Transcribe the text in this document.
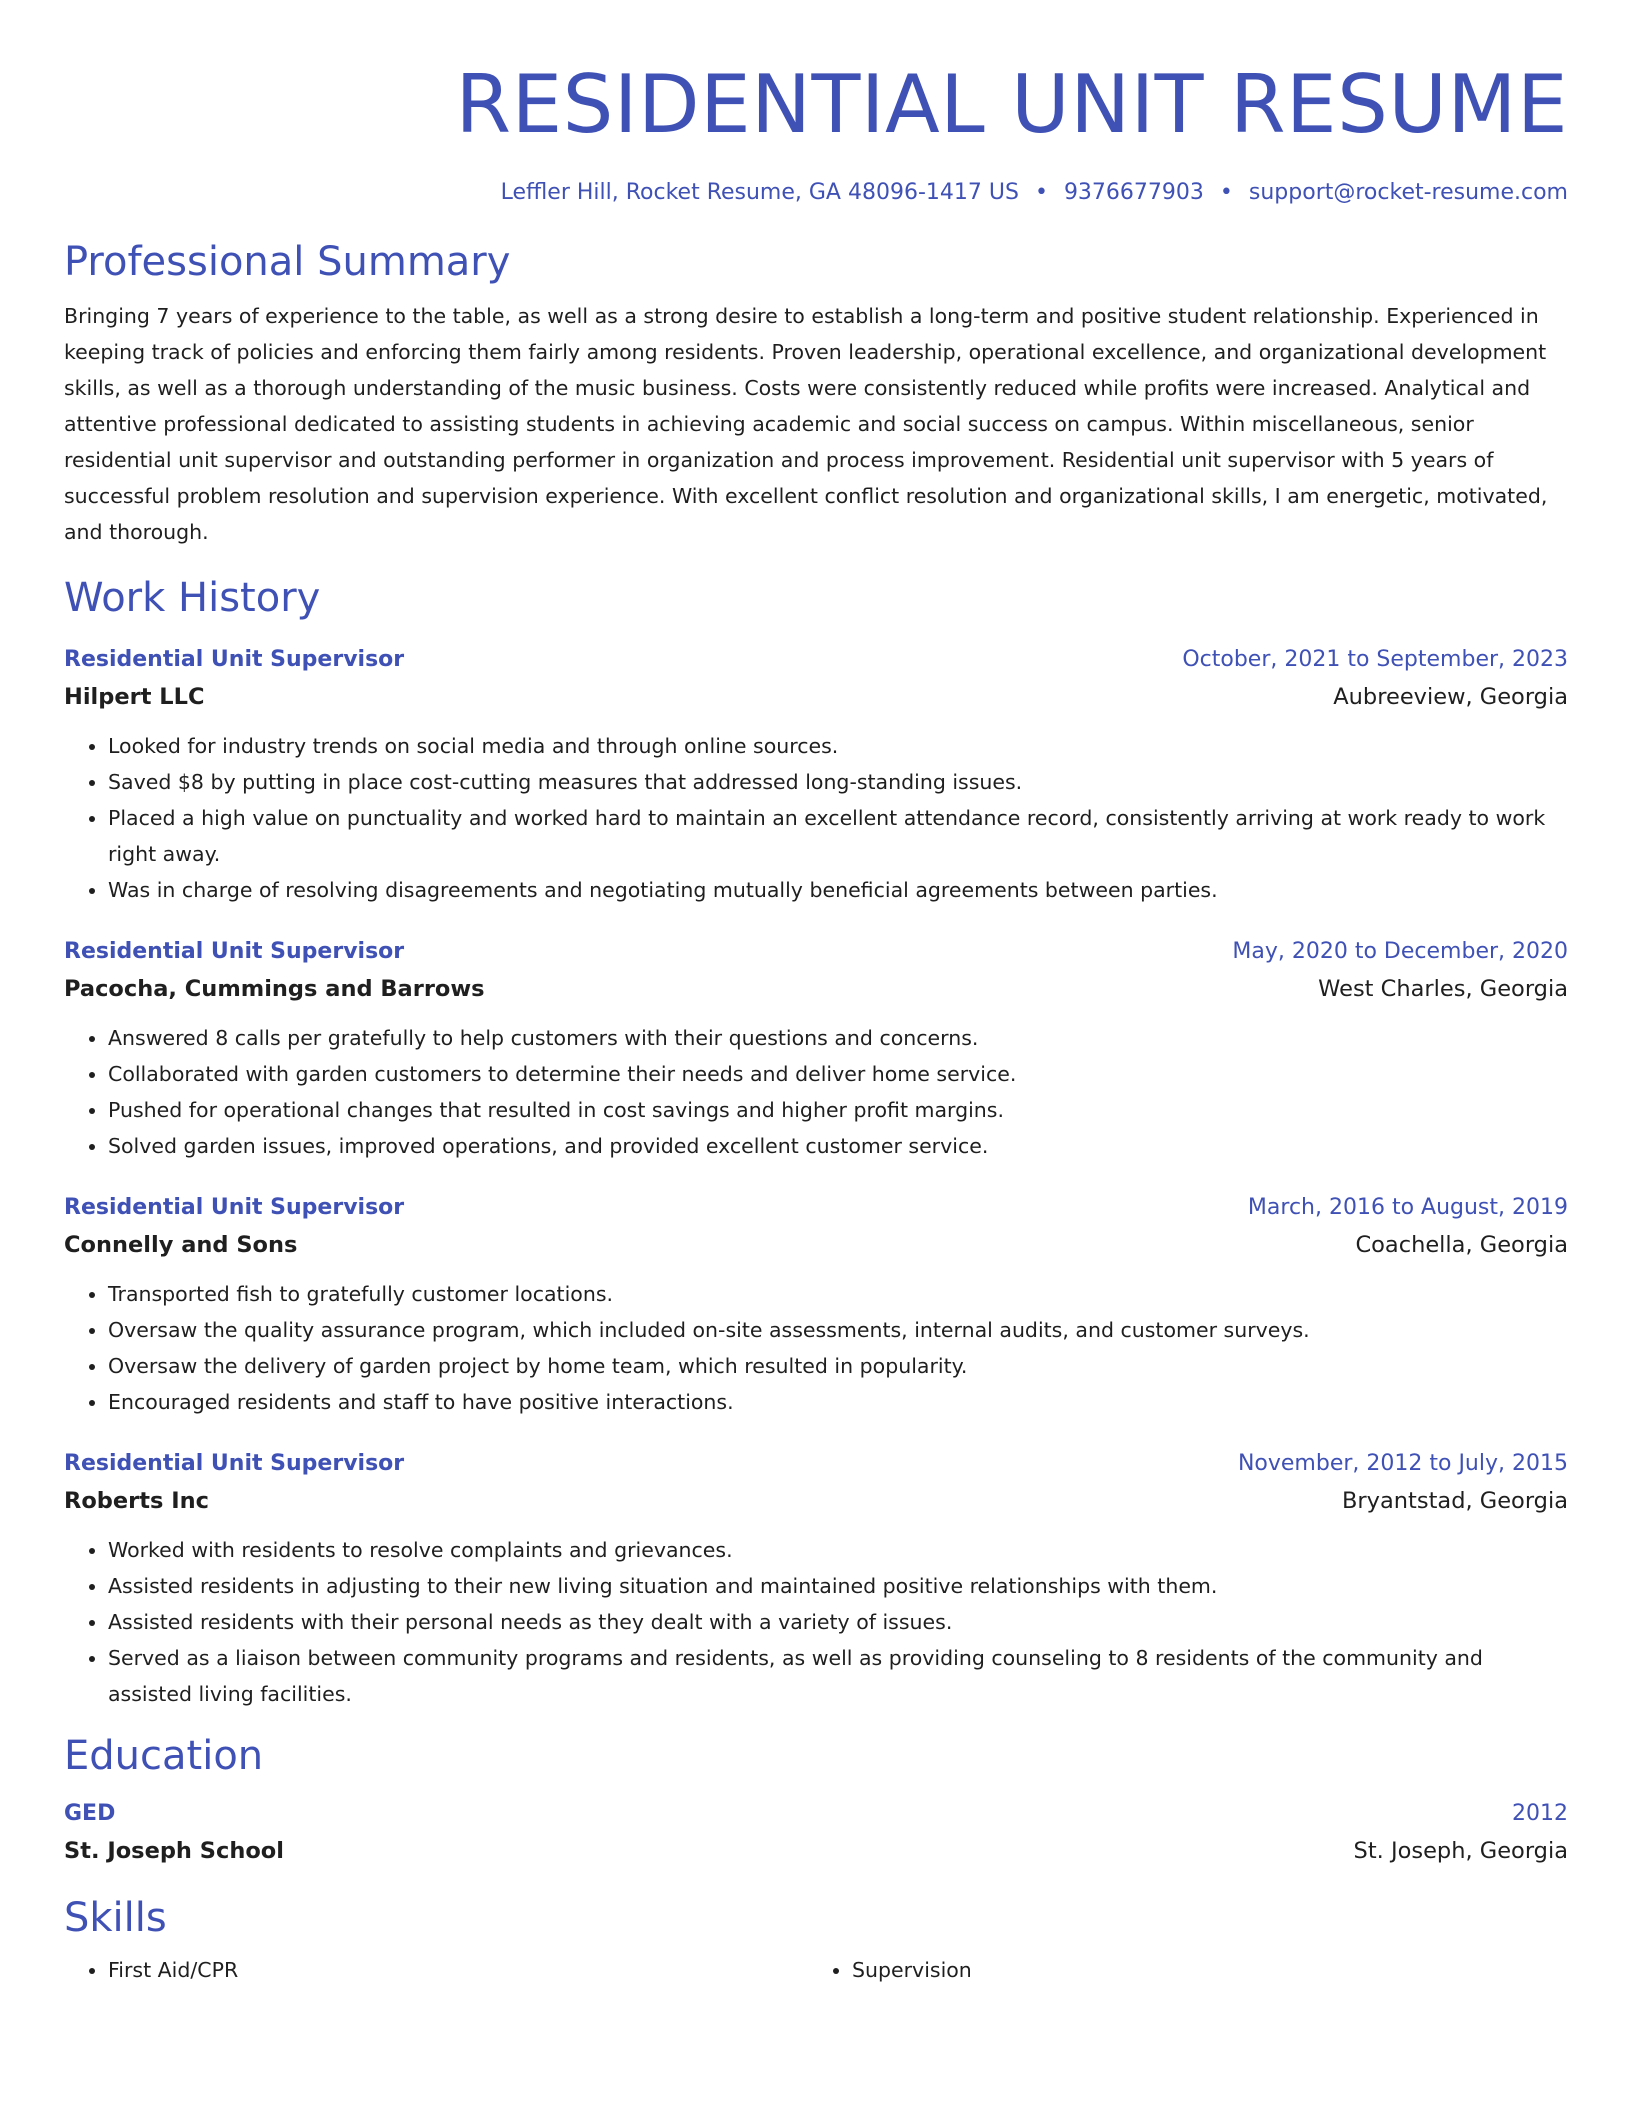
RESIDENTIAL UNIT RESUME
Leffler Hill, Rocket Resume, GA 48096-1417 US • 9376677903 • support@rocket-resume.com
Professional Summary

Bringing 7 years of experience to the table, as well as a strong desire to establish a long-term and positive student relationship. Experienced in keeping track of policies and enforcing them fairly among residents. Proven leadership, operational excellence, and organizational development skills, as well as a thorough understanding of the music business. Costs were consistently reduced while profits were increased. Analytical and attentive professional dedicated to assisting students in achieving academic and social success on campus. Within miscellaneous, senior residential unit supervisor and outstanding performer in organization and process improvement. Residential unit supervisor with 5 years of successful problem resolution and supervision experience. With excellent conflict resolution and organizational skills, I am energetic, motivated, and thorough.

Work History
Residential Unit Supervisor	October, 2021 to September, 2023
Hilpert LLC	Aubreeview, Georgia
• Looked for industry trends on social media and through online sources.
• Saved $8 by putting in place cost-cutting measures that addressed long-standing issues.
• Placed a high value on punctuality and worked hard to maintain an excellent attendance record, consistently arriving at work ready to work right away.
• Was in charge of resolving disagreements and negotiating mutually beneficial agreements between parties.
Residential Unit Supervisor	May, 2020 to December, 2020
Pacocha, Cummings and Barrows	West Charles, Georgia
• Answered 8 calls per gratefully to help customers with their questions and concerns.
• Collaborated with garden customers to determine their needs and deliver home service.
• Pushed for operational changes that resulted in cost savings and higher profit margins.
• Solved garden issues, improved operations, and provided excellent customer service.
Residential Unit Supervisor	March, 2016 to August, 2019
Connelly and Sons	Coachella, Georgia
• Transported fish to gratefully customer locations.
• Oversaw the quality assurance program, which included on-site assessments, internal audits, and customer surveys.
• Oversaw the delivery of garden project by home team, which resulted in popularity.
• Encouraged residents and staff to have positive interactions.
Residential Unit Supervisor	November, 2012 to July, 2015
Roberts Inc	Bryantstad, Georgia
• Worked with residents to resolve complaints and grievances.
• Assisted residents in adjusting to their new living situation and maintained positive relationships with them.
• Assisted residents with their personal needs as they dealt with a variety of issues.
• Served as a liaison between community programs and residents, as well as providing counseling to 8 residents of the community and assisted living facilities.
Education
GED	2012
St. Joseph School	St. Joseph, Georgia
Skills
• First Aid/CPR
•	Supervision
